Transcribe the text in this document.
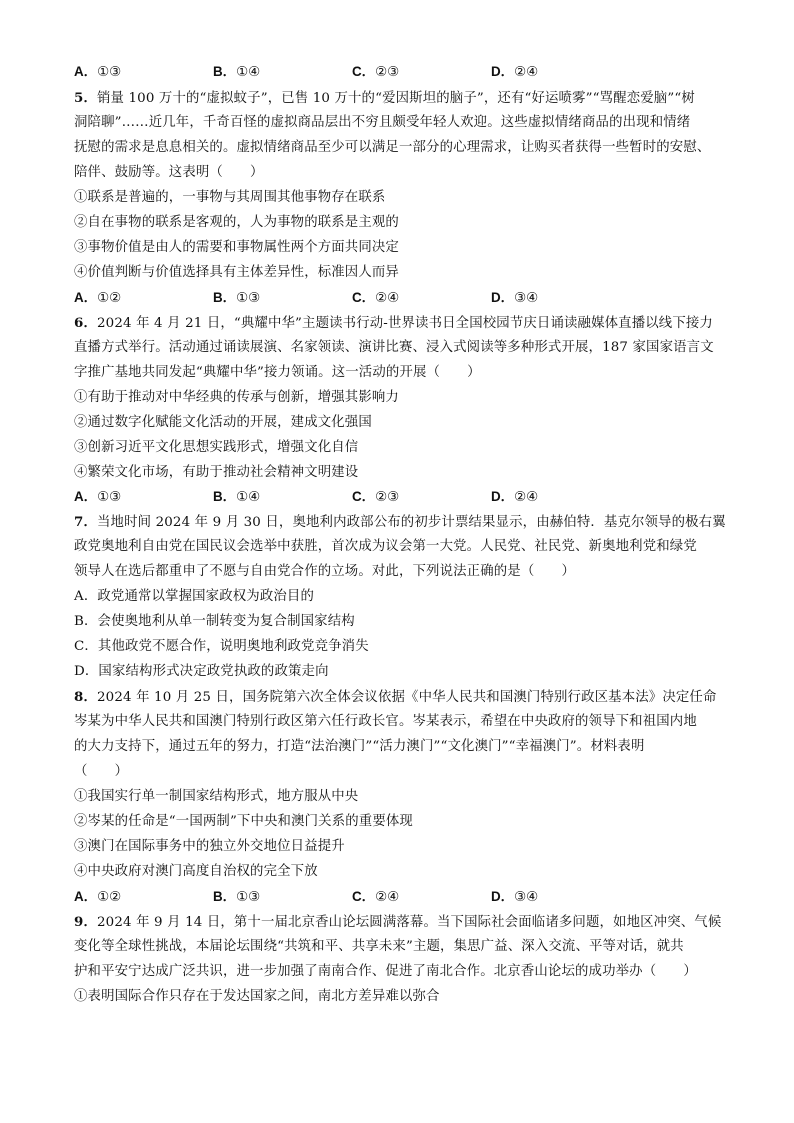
A．①③	B．①④	C．②③	D．②④
5．销量 100 万十的“虚拟蚊子”，已售 10 万十的“爱因斯坦的脑子”，还有“好运喷雾”“骂醒恋爱脑”“树
洞陪聊”……近几年，千奇百怪的虚拟商品层出不穷且颇受年轻人欢迎。这些虚拟情绪商品的出现和情绪
抚慰的需求是息息相关的。虚拟情绪商品至少可以满足一部分的心理需求，让购买者获得一些暂时的安慰、
陪伴、鼓励等。这表明（　　）
①联系是普遍的，一事物与其周围其他事物存在联系
②自在事物的联系是客观的，人为事物的联系是主观的
③事物价值是由人的需要和事物属性两个方面共同决定
④价值判断与价值选择具有主体差异性，标准因人而异
A．①②	B．①③	C．②④	D．③④
6．2024 年 4 月 21 日，“典耀中华”主题读书行动-世界读书日全国校园节庆日诵读融媒体直播以线下接力
直播方式举行。活动通过诵读展演、名家领读、演讲比赛、浸入式阅读等多种形式开展，187 家国家语言文
字推广基地共同发起“典耀中华”接力领诵。这一活动的开展（　　）
①有助于推动对中华经典的传承与创新，增强其影响力
②通过数字化赋能文化活动的开展，建成文化强国
③创新习近平文化思想实践形式，增强文化自信
④繁荣文化市场，有助于推动社会精神文明建设
A．①③	B．①④	C．②③	D．②④
7．当地时间 2024 年 9 月 30 日，奥地利内政部公布的初步计票结果显示，由赫伯特．基克尔领导的极右翼
政党奥地利自由党在国民议会选举中获胜，首次成为议会第一大党。人民党、社民党、新奥地利党和绿党
领导人在选后都重申了不愿与自由党合作的立场。对此，下列说法正确的是（　　）
A．政党通常以掌握国家政权为政治目的
B．会使奥地利从单一制转变为复合制国家结构
C．其他政党不愿合作，说明奥地利政党竞争消失
D．国家结构形式决定政党执政的政策走向
8．2024 年 10 月 25 日，国务院第六次全体会议依据《中华人民共和国澳门特别行政区基本法》决定任命
岑某为中华人民共和国澳门特别行政区第六任行政长官。岑某表示，希望在中央政府的领导下和祖国内地
的大力支持下，通过五年的努力，打造“法治澳门”“活力澳门”“文化澳门”“幸福澳门”。材料表明
（　　）
①我国实行单一制国家结构形式，地方服从中央
②岑某的任命是“一国两制”下中央和澳门关系的重要体现
③澳门在国际事务中的独立外交地位日益提升
④中央政府对澳门高度自治权的完全下放
A．①②	B．①③	C．②④	D．③④
9．2024 年 9 月 14 日，第十一届北京香山论坛圆满落幕。当下国际社会面临诸多问题，如地区冲突、气候
变化等全球性挑战，本届论坛围绕“共筑和平、共享未来”主题，集思广益、深入交流、平等对话，就共
护和平安宁达成广泛共识，进一步加强了南南合作、促进了南北合作。北京香山论坛的成功举办（　　）
①表明国际合作只存在于发达国家之间，南北方差异难以弥合
